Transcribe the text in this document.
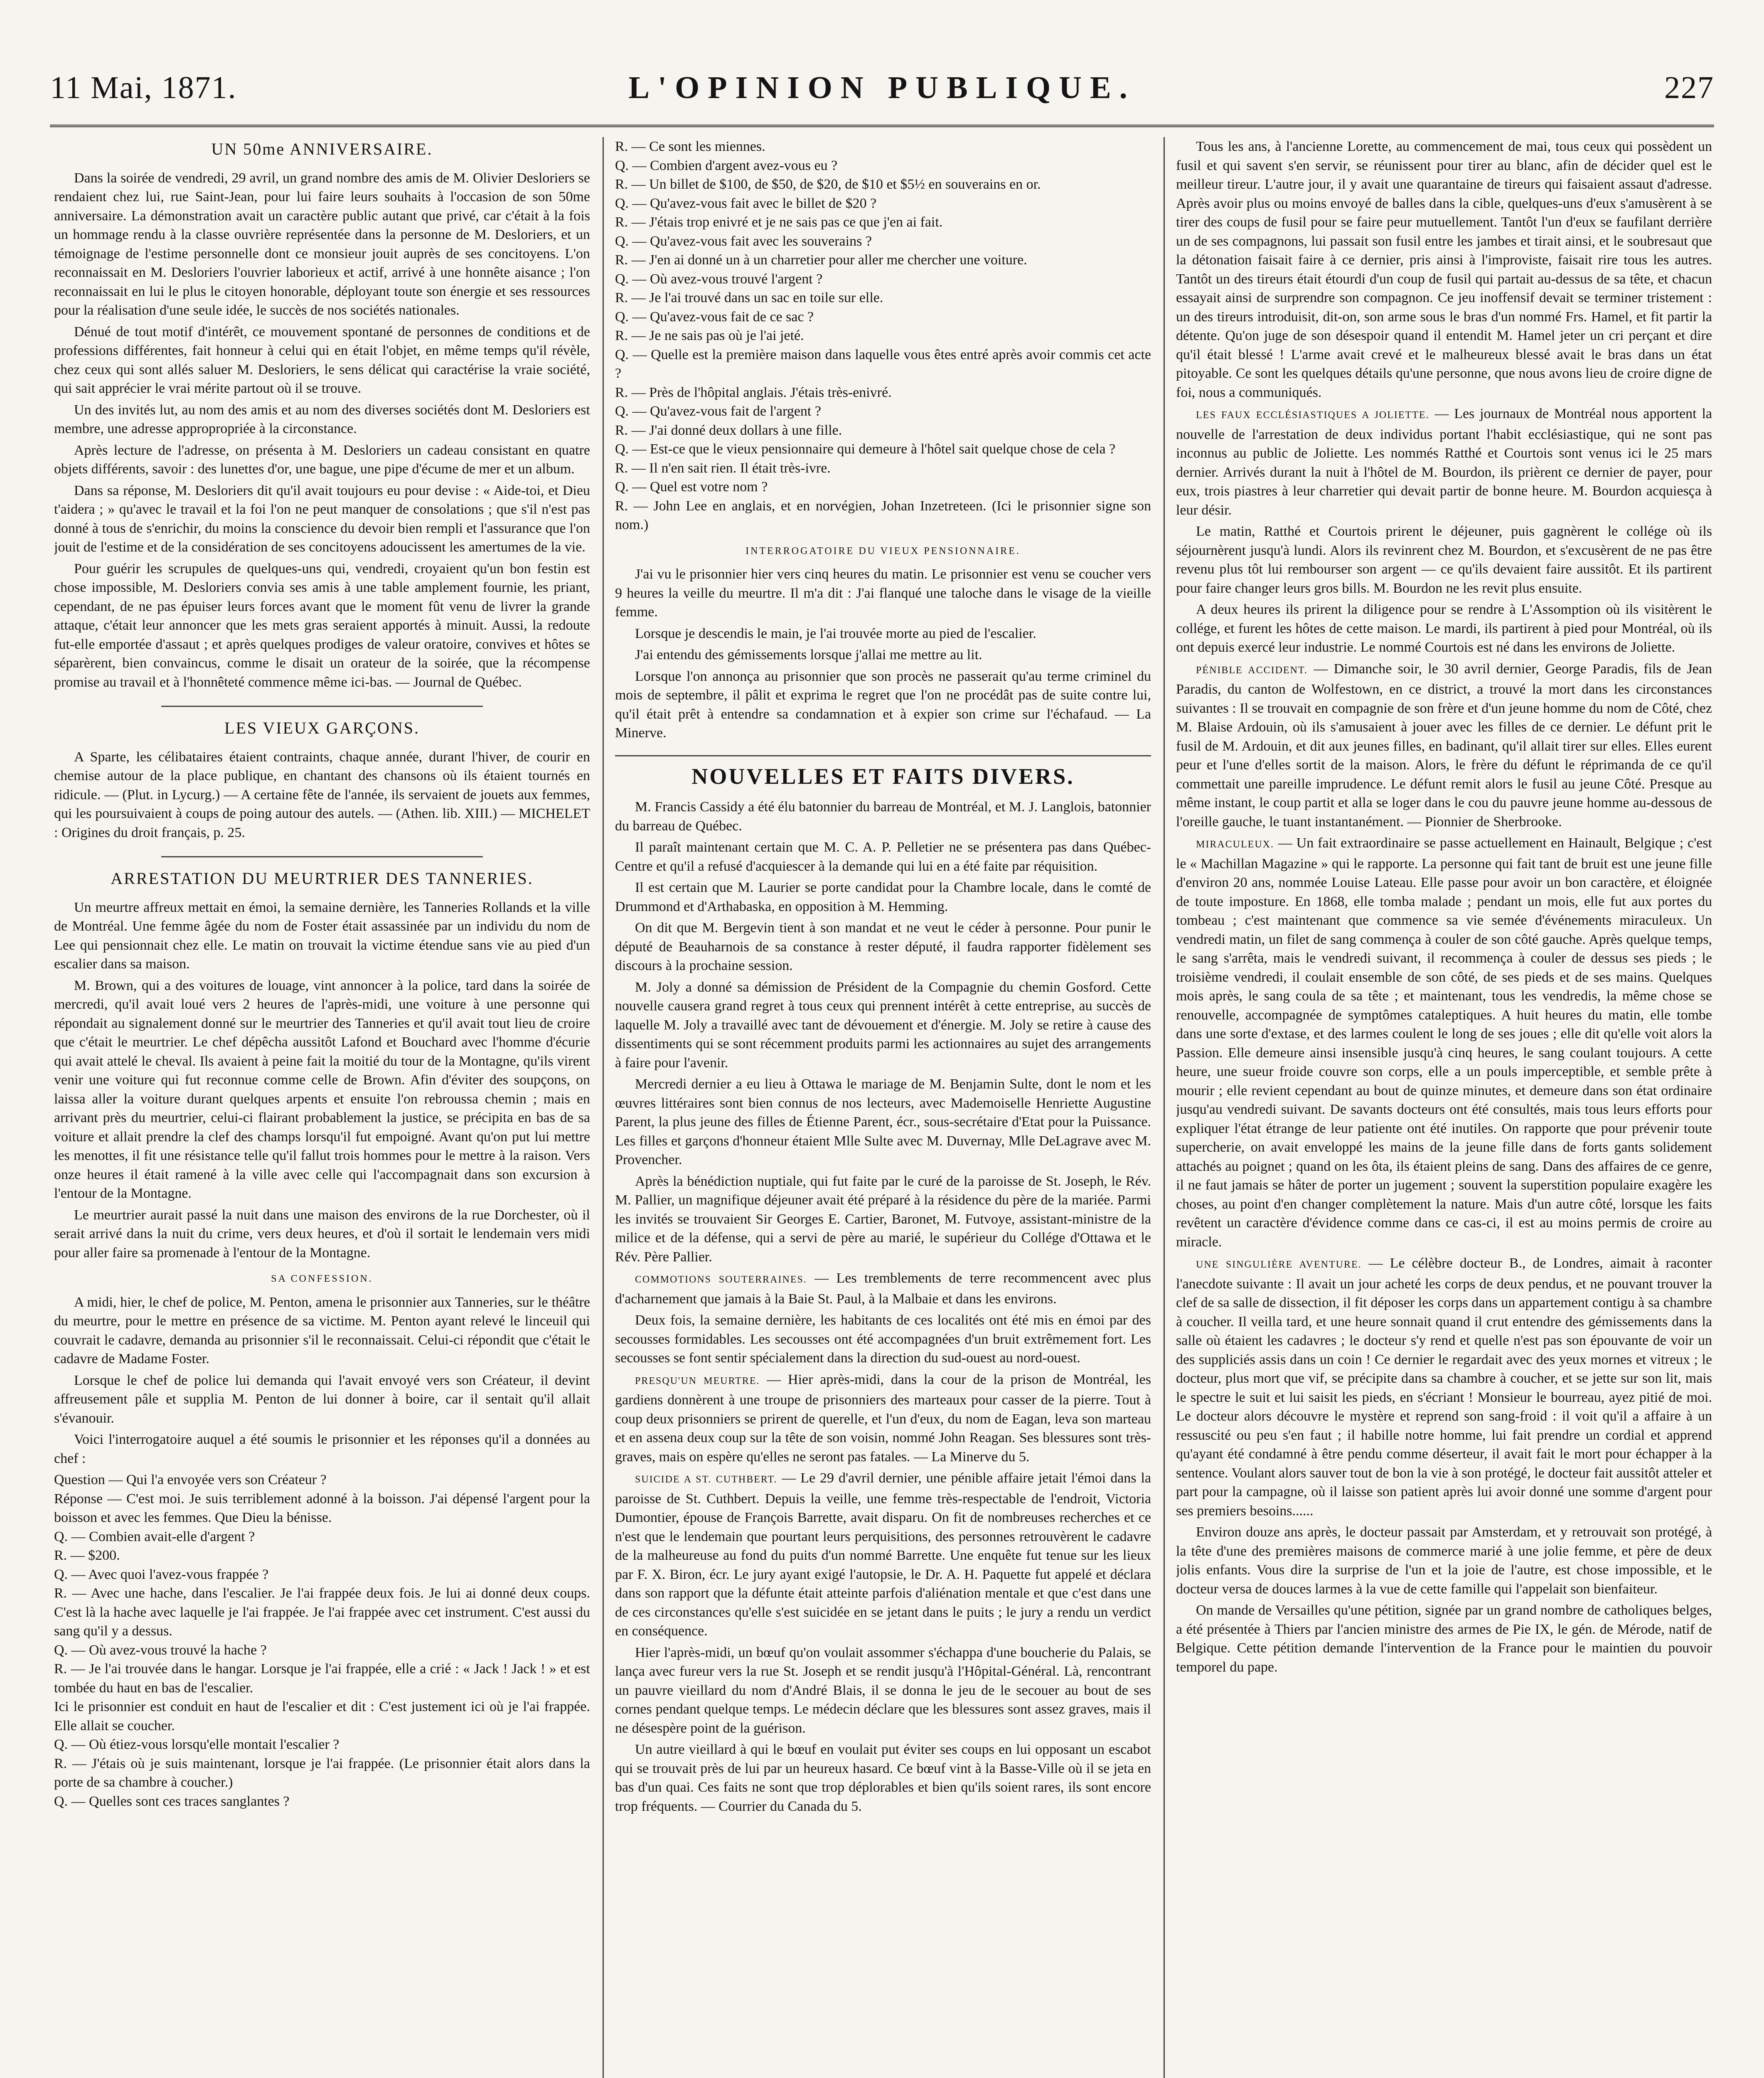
11 Mai, 1871.	L'OPINION PUBLIQUE.	227
UN 50me ANNIVERSAIRE.

Dans la soirée de vendredi, 29 avril, un grand nombre des amis de M. Olivier Desloriers se rendaient chez lui, rue Saint-Jean, pour lui faire leurs souhaits à l'occasion de son 50me anniversaire. La démonstration avait un caractère public autant que privé, car c'était à la fois un hommage rendu à la classe ouvrière représentée dans la personne de M. Desloriers, et un témoignage de l'estime personnelle dont ce monsieur jouit auprès de ses concitoyens. L'on reconnaissait en M. Desloriers l'ouvrier laborieux et actif, arrivé à une honnête aisance ; l'on reconnaissait en lui le plus le citoyen honorable, déployant toute son énergie et ses ressources pour la réalisation d'une seule idée, le succès de nos sociétés nationales.

Dénué de tout motif d'intérêt, ce mouvement spontané de personnes de conditions et de professions différentes, fait honneur à celui qui en était l'objet, en même temps qu'il révèle, chez ceux qui sont allés saluer M. Desloriers, le sens délicat qui caractérise la vraie société, qui sait apprécier le vrai mérite partout où il se trouve.

Un des invités lut, au nom des amis et au nom des diverses sociétés dont M. Desloriers est membre, une adresse appropropriée à la circonstance.

Après lecture de l'adresse, on présenta à M. Desloriers un cadeau consistant en quatre objets différents, savoir : des lunettes d'or, une bague, une pipe d'écume de mer et un album.

Dans sa réponse, M. Desloriers dit qu'il avait toujours eu pour devise : « Aide-toi, et Dieu t'aidera ; » qu'avec le travail et la foi l'on ne peut manquer de consolations ; que s'il n'est pas donné à tous de s'enrichir, du moins la conscience du devoir bien rempli et l'assurance que l'on jouit de l'estime et de la considération de ses concitoyens adoucissent les amertumes de la vie.

Pour guérir les scrupules de quelques-uns qui, vendredi, croyaient qu'un bon festin est chose impossible, M. Desloriers convia ses amis à une table amplement fournie, les priant, cependant, de ne pas épuiser leurs forces avant que le moment fût venu de livrer la grande attaque, c'était leur annoncer que les mets gras seraient apportés à minuit. Aussi, la redoute fut-elle emportée d'assaut ; et après quelques prodiges de valeur oratoire, convives et hôtes se séparèrent, bien convaincus, comme le disait un orateur de la soirée, que la récompense promise au travail et à l'honnêteté commence même ici-bas. — Journal de Québec.

LES VIEUX GARÇONS.

A Sparte, les célibataires étaient contraints, chaque année, durant l'hiver, de courir en chemise autour de la place publique, en chantant des chansons où ils étaient tournés en ridicule. — (Plut. in Lycurg.) — A certaine fête de l'année, ils servaient de jouets aux femmes, qui les poursuivaient à coups de poing autour des autels. — (Athen. lib. XIII.) — MICHELET : Origines du droit français, p. 25.

ARRESTATION DU MEURTRIER DES TANNERIES.

Un meurtre affreux mettait en émoi, la semaine dernière, les Tanneries Rollands et la ville de Montréal. Une femme âgée du nom de Foster était assassinée par un individu du nom de Lee qui pensionnait chez elle. Le matin on trouvait la victime étendue sans vie au pied d'un escalier dans sa maison.

M. Brown, qui a des voitures de louage, vint annoncer à la police, tard dans la soirée de mercredi, qu'il avait loué vers 2 heures de l'après-midi, une voiture à une personne qui répondait au signalement donné sur le meurtrier des Tanneries et qu'il avait tout lieu de croire que c'était le meurtrier. Le chef dépêcha aussitôt Lafond et Bouchard avec l'homme d'écurie qui avait attelé le cheval. Ils avaient à peine fait la moitié du tour de la Montagne, qu'ils virent venir une voiture qui fut reconnue comme celle de Brown. Afin d'éviter des soupçons, on laissa aller la voiture durant quelques arpents et ensuite l'on rebroussa chemin ; mais en arrivant près du meurtrier, celui-ci flairant probablement la justice, se précipita en bas de sa voiture et allait prendre la clef des champs lorsqu'il fut empoigné. Avant qu'on put lui mettre les menottes, il fit une résistance telle qu'il fallut trois hommes pour le mettre à la raison. Vers onze heures il était ramené à la ville avec celle qui l'accompagnait dans son excursion à l'entour de la Montagne.

Le meurtrier aurait passé la nuit dans une maison des environs de la rue Dorchester, où il serait arrivé dans la nuit du crime, vers deux heures, et d'où il sortait le lendemain vers midi pour aller faire sa promenade à l'entour de la Montagne.

SA CONFESSION.

A midi, hier, le chef de police, M. Penton, amena le prisonnier aux Tanneries, sur le théâtre du meurtre, pour le mettre en présence de sa victime. M. Penton ayant relevé le linceuil qui couvrait le cadavre, demanda au prisonnier s'il le reconnaissait. Celui-ci répondit que c'était le cadavre de Madame Foster.

Lorsque le chef de police lui demanda qui l'avait envoyé vers son Créateur, il devint affreusement pâle et supplia M. Penton de lui donner à boire, car il sentait qu'il allait s'évanouir.

Voici l'interrogatoire auquel a été soumis le prisonnier et les réponses qu'il a données au chef :

Question — Qui l'a envoyée vers son Créateur ?

Réponse — C'est moi. Je suis terriblement adonné à la boisson. J'ai dépensé l'argent pour la boisson et avec les femmes. Que Dieu la bénisse.

Q. — Combien avait-elle d'argent ?

R. — $200.

Q. — Avec quoi l'avez-vous frappée ?

R. — Avec une hache, dans l'escalier. Je l'ai frappée deux fois. Je lui ai donné deux coups. C'est là la hache avec laquelle je l'ai frappée. Je l'ai frappée avec cet instrument. C'est aussi du sang qu'il y a dessus.

Q. — Où avez-vous trouvé la hache ?

R. — Je l'ai trouvée dans le hangar. Lorsque je l'ai frappée, elle a crié : « Jack ! Jack ! » et est tombée du haut en bas de l'escalier.

Ici le prisonnier est conduit en haut de l'escalier et dit : C'est justement ici où je l'ai frappée. Elle allait se coucher.

Q. — Où étiez-vous lorsqu'elle montait l'escalier ?

R. — J'étais où je suis maintenant, lorsque je l'ai frappée. (Le prisonnier était alors dans la porte de sa chambre à coucher.)

Q. — Quelles sont ces traces sanglantes ?

R. — Ce sont les miennes.

Q. — Combien d'argent avez-vous eu ?

R. — Un billet de $100, de $50, de $20, de $10 et $5½ en souverains en or.

Q. — Qu'avez-vous fait avec le billet de $20 ?

R. — J'étais trop enivré et je ne sais pas ce que j'en ai fait.

Q. — Qu'avez-vous fait avec les souverains ?

R. — J'en ai donné un à un charretier pour aller me chercher une voiture.

Q. — Où avez-vous trouvé l'argent ?

R. — Je l'ai trouvé dans un sac en toile sur elle.

Q. — Qu'avez-vous fait de ce sac ?

R. — Je ne sais pas où je l'ai jeté.

Q. — Quelle est la première maison dans laquelle vous êtes entré après avoir commis cet acte ?

R. — Près de l'hôpital anglais. J'étais très-enivré.

Q. — Qu'avez-vous fait de l'argent ?

R. — J'ai donné deux dollars à une fille.

Q. — Est-ce que le vieux pensionnaire qui demeure à l'hôtel sait quelque chose de cela ?

R. — Il n'en sait rien. Il était très-ivre.

Q. — Quel est votre nom ?

R. — John Lee en anglais, et en norvégien, Johan Inzetreteen. (Ici le prisonnier signe son nom.)

INTERROGATOIRE DU VIEUX PENSIONNAIRE.

J'ai vu le prisonnier hier vers cinq heures du matin. Le prisonnier est venu se coucher vers 9 heures la veille du meurtre. Il m'a dit : J'ai flanqué une taloche dans le visage de la vieille femme.

Lorsque je descendis le main, je l'ai trouvée morte au pied de l'escalier.

J'ai entendu des gémissements lorsque j'allai me mettre au lit.

Lorsque l'on annonça au prisonnier que son procès ne passerait qu'au terme criminel du mois de septembre, il pâlit et exprima le regret que l'on ne procédât pas de suite contre lui, qu'il était prêt à entendre sa condamnation et à expier son crime sur l'échafaud. — La Minerve.

NOUVELLES ET FAITS DIVERS.

M. Francis Cassidy a été élu batonnier du barreau de Montréal, et M. J. Langlois, batonnier du barreau de Québec.

Il paraît maintenant certain que M. C. A. P. Pelletier ne se présentera pas dans Québec-Centre et qu'il a refusé d'acquiescer à la demande qui lui en a été faite par réquisition.

Il est certain que M. Laurier se porte candidat pour la Chambre locale, dans le comté de Drummond et d'Arthabaska, en opposition à M. Hemming.

On dit que M. Bergevin tient à son mandat et ne veut le céder à personne. Pour punir le député de Beauharnois de sa constance à rester député, il faudra rapporter fidèlement ses discours à la prochaine session.

M. Joly a donné sa démission de Président de la Compagnie du chemin Gosford. Cette nouvelle causera grand regret à tous ceux qui prennent intérêt à cette entreprise, au succès de laquelle M. Joly a travaillé avec tant de dévouement et d'énergie. M. Joly se retire à cause des dissentiments qui se sont récemment produits parmi les actionnaires au sujet des arrangements à faire pour l'avenir.

Mercredi dernier a eu lieu à Ottawa le mariage de M. Benjamin Sulte, dont le nom et les œuvres littéraires sont bien connus de nos lecteurs, avec Mademoiselle Henriette Augustine Parent, la plus jeune des filles de Étienne Parent, écr., sous-secrétaire d'Etat pour la Puissance. Les filles et garçons d'honneur étaient Mlle Sulte avec M. Duvernay, Mlle DeLagrave avec M. Provencher.

Après la bénédiction nuptiale, qui fut faite par le curé de la paroisse de St. Joseph, le Rév. M. Pallier, un magnifique déjeuner avait été préparé à la résidence du père de la mariée. Parmi les invités se trouvaient Sir Georges E. Cartier, Baronet, M. Futvoye, assistant-ministre de la milice et de la défense, qui a servi de père au marié, le supérieur du Collége d'Ottawa et le Rév. Père Pallier.

COMMOTIONS SOUTERRAINES. — Les tremblements de terre recommencent avec plus d'acharnement que jamais à la Baie St. Paul, à la Malbaie et dans les environs.

Deux fois, la semaine dernière, les habitants de ces localités ont été mis en émoi par des secousses formidables. Les secousses ont été accompagnées d'un bruit extrêmement fort. Les secousses se font sentir spécialement dans la direction du sud-ouest au nord-ouest.

PRESQU'UN MEURTRE. — Hier après-midi, dans la cour de la prison de Montréal, les gardiens donnèrent à une troupe de prisonniers des marteaux pour casser de la pierre. Tout à coup deux prisonniers se prirent de querelle, et l'un d'eux, du nom de Eagan, leva son marteau et en assena deux coup sur la tête de son voisin, nommé John Reagan. Ses blessures sont très-graves, mais on espère qu'elles ne seront pas fatales. — La Minerve du 5.

SUICIDE A ST. CUTHBERT. — Le 29 d'avril dernier, une pénible affaire jetait l'émoi dans la paroisse de St. Cuthbert. Depuis la veille, une femme très-respectable de l'endroit, Victoria Dumontier, épouse de François Barrette, avait disparu. On fit de nombreuses recherches et ce n'est que le lendemain que pourtant leurs perquisitions, des personnes retrouvèrent le cadavre de la malheureuse au fond du puits d'un nommé Barrette. Une enquête fut tenue sur les lieux par F. X. Biron, écr. Le jury ayant exigé l'autopsie, le Dr. A. H. Paquette fut appelé et déclara dans son rapport que la défunte était atteinte parfois d'aliénation mentale et que c'est dans une de ces circonstances qu'elle s'est suicidée en se jetant dans le puits ; le jury a rendu un verdict en conséquence.

Hier l'après-midi, un bœuf qu'on voulait assommer s'échappa d'une boucherie du Palais, se lança avec fureur vers la rue St. Joseph et se rendit jusqu'à l'Hôpital-Général. Là, rencontrant un pauvre vieillard du nom d'André Blais, il se donna le jeu de le secouer au bout de ses cornes pendant quelque temps. Le médecin déclare que les blessures sont assez graves, mais il ne désespère point de la guérison.

Un autre vieillard à qui le bœuf en voulait put éviter ses coups en lui opposant un escabot qui se trouvait près de lui par un heureux hasard. Ce bœuf vint à la Basse-Ville où il se jeta en bas d'un quai. Ces faits ne sont que trop déplorables et bien qu'ils soient rares, ils sont encore trop fréquents. — Courrier du Canada du 5.

Tous les ans, à l'ancienne Lorette, au commencement de mai, tous ceux qui possèdent un fusil et qui savent s'en servir, se réunissent pour tirer au blanc, afin de décider quel est le meilleur tireur. L'autre jour, il y avait une quarantaine de tireurs qui faisaient assaut d'adresse. Après avoir plus ou moins envoyé de balles dans la cible, quelques-uns d'eux s'amusèrent à se tirer des coups de fusil pour se faire peur mutuellement. Tantôt l'un d'eux se faufilant derrière un de ses compagnons, lui passait son fusil entre les jambes et tirait ainsi, et le soubresaut que la détonation faisait faire à ce dernier, pris ainsi à l'improviste, faisait rire tous les autres. Tantôt un des tireurs était étourdi d'un coup de fusil qui partait au-dessus de sa tête, et chacun essayait ainsi de surprendre son compagnon. Ce jeu inoffensif devait se terminer tristement : un des tireurs introduisit, dit-on, son arme sous le bras d'un nommé Frs. Hamel, et fit partir la détente. Qu'on juge de son désespoir quand il entendit M. Hamel jeter un cri perçant et dire qu'il était blessé ! L'arme avait crevé et le malheureux blessé avait le bras dans un état pitoyable. Ce sont les quelques détails qu'une personne, que nous avons lieu de croire digne de foi, nous a communiqués.

LES FAUX ECCLÉSIASTIQUES A JOLIETTE. — Les journaux de Montréal nous apportent la nouvelle de l'arrestation de deux individus portant l'habit ecclésiastique, qui ne sont pas inconnus au public de Joliette. Les nommés Ratthé et Courtois sont venus ici le 25 mars dernier. Arrivés durant la nuit à l'hôtel de M. Bourdon, ils prièrent ce dernier de payer, pour eux, trois piastres à leur charretier qui devait partir de bonne heure. M. Bourdon acquiesça à leur désir.

Le matin, Ratthé et Courtois prirent le déjeuner, puis gagnèrent le collége où ils séjournèrent jusqu'à lundi. Alors ils revinrent chez M. Bourdon, et s'excusèrent de ne pas être revenu plus tôt lui rembourser son argent — ce qu'ils devaient faire aussitôt. Et ils partirent pour faire changer leurs gros bills. M. Bourdon ne les revit plus ensuite.

A deux heures ils prirent la diligence pour se rendre à L'Assomption où ils visitèrent le collége, et furent les hôtes de cette maison. Le mardi, ils partirent à pied pour Montréal, où ils ont depuis exercé leur industrie. Le nommé Courtois est né dans les environs de Joliette.

PÉNIBLE ACCIDENT. — Dimanche soir, le 30 avril dernier, George Paradis, fils de Jean Paradis, du canton de Wolfestown, en ce district, a trouvé la mort dans les circonstances suivantes : Il se trouvait en compagnie de son frère et d'un jeune homme du nom de Côté, chez M. Blaise Ardouin, où ils s'amusaient à jouer avec les filles de ce dernier. Le défunt prit le fusil de M. Ardouin, et dit aux jeunes filles, en badinant, qu'il allait tirer sur elles. Elles eurent peur et l'une d'elles sortit de la maison. Alors, le frère du défunt le réprimanda de ce qu'il commettait une pareille imprudence. Le défunt remit alors le fusil au jeune Côté. Presque au même instant, le coup partit et alla se loger dans le cou du pauvre jeune homme au-dessous de l'oreille gauche, le tuant instantanément. — Pionnier de Sherbrooke.

MIRACULEUX. — Un fait extraordinaire se passe actuellement en Hainault, Belgique ; c'est le « Machillan Magazine » qui le rapporte. La personne qui fait tant de bruit est une jeune fille d'environ 20 ans, nommée Louise Lateau. Elle passe pour avoir un bon caractère, et éloignée de toute imposture. En 1868, elle tomba malade ; pendant un mois, elle fut aux portes du tombeau ; c'est maintenant que commence sa vie semée d'événements miraculeux. Un vendredi matin, un filet de sang commença à couler de son côté gauche. Après quelque temps, le sang s'arrêta, mais le vendredi suivant, il recommença à couler de dessus ses pieds ; le troisième vendredi, il coulait ensemble de son côté, de ses pieds et de ses mains. Quelques mois après, le sang coula de sa tête ; et maintenant, tous les vendredis, la même chose se renouvelle, accompagnée de symptômes cataleptiques. A huit heures du matin, elle tombe dans une sorte d'extase, et des larmes coulent le long de ses joues ; elle dit qu'elle voit alors la Passion. Elle demeure ainsi insensible jusqu'à cinq heures, le sang coulant toujours. A cette heure, une sueur froide couvre son corps, elle a un pouls imperceptible, et semble prête à mourir ; elle revient cependant au bout de quinze minutes, et demeure dans son état ordinaire jusqu'au vendredi suivant. De savants docteurs ont été consultés, mais tous leurs efforts pour expliquer l'état étrange de leur patiente ont été inutiles. On rapporte que pour prévenir toute supercherie, on avait enveloppé les mains de la jeune fille dans de forts gants solidement attachés au poignet ; quand on les ôta, ils étaient pleins de sang. Dans des affaires de ce genre, il ne faut jamais se hâter de porter un jugement ; souvent la superstition populaire exagère les choses, au point d'en changer complètement la nature. Mais d'un autre côté, lorsque les faits revêtent un caractère d'évidence comme dans ce cas-ci, il est au moins permis de croire au miracle.

UNE SINGULIÈRE AVENTURE. — Le célèbre docteur B., de Londres, aimait à raconter l'anecdote suivante : Il avait un jour acheté les corps de deux pendus, et ne pouvant trouver la clef de sa salle de dissection, il fit déposer les corps dans un appartement contigu à sa chambre à coucher. Il veilla tard, et une heure sonnait quand il crut entendre des gémissements dans la salle où étaient les cadavres ; le docteur s'y rend et quelle n'est pas son épouvante de voir un des suppliciés assis dans un coin ! Ce dernier le regardait avec des yeux mornes et vitreux ; le docteur, plus mort que vif, se précipite dans sa chambre à coucher, et se jette sur son lit, mais le spectre le suit et lui saisit les pieds, en s'écriant ! Monsieur le bourreau, ayez pitié de moi. Le docteur alors découvre le mystère et reprend son sang-froid : il voit qu'il a affaire à un ressuscité ou peu s'en faut ; il habille notre homme, lui fait prendre un cordial et apprend qu'ayant été condamné à être pendu comme déserteur, il avait fait le mort pour échapper à la sentence. Voulant alors sauver tout de bon la vie à son protégé, le docteur fait aussitôt atteler et part pour la campagne, où il laisse son patient après lui avoir donné une somme d'argent pour ses premiers besoins......

Environ douze ans après, le docteur passait par Amsterdam, et y retrouvait son protégé, à la tête d'une des premières maisons de commerce marié à une jolie femme, et père de deux jolis enfants. Vous dire la surprise de l'un et la joie de l'autre, est chose impossible, et le docteur versa de douces larmes à la vue de cette famille qui l'appelait son bienfaiteur.

On mande de Versailles qu'une pétition, signée par un grand nombre de catholiques belges, a été présentée à Thiers par l'ancien ministre des armes de Pie IX, le gén. de Mérode, natif de Belgique. Cette pétition demande l'intervention de la France pour le maintien du pouvoir temporel du pape.
